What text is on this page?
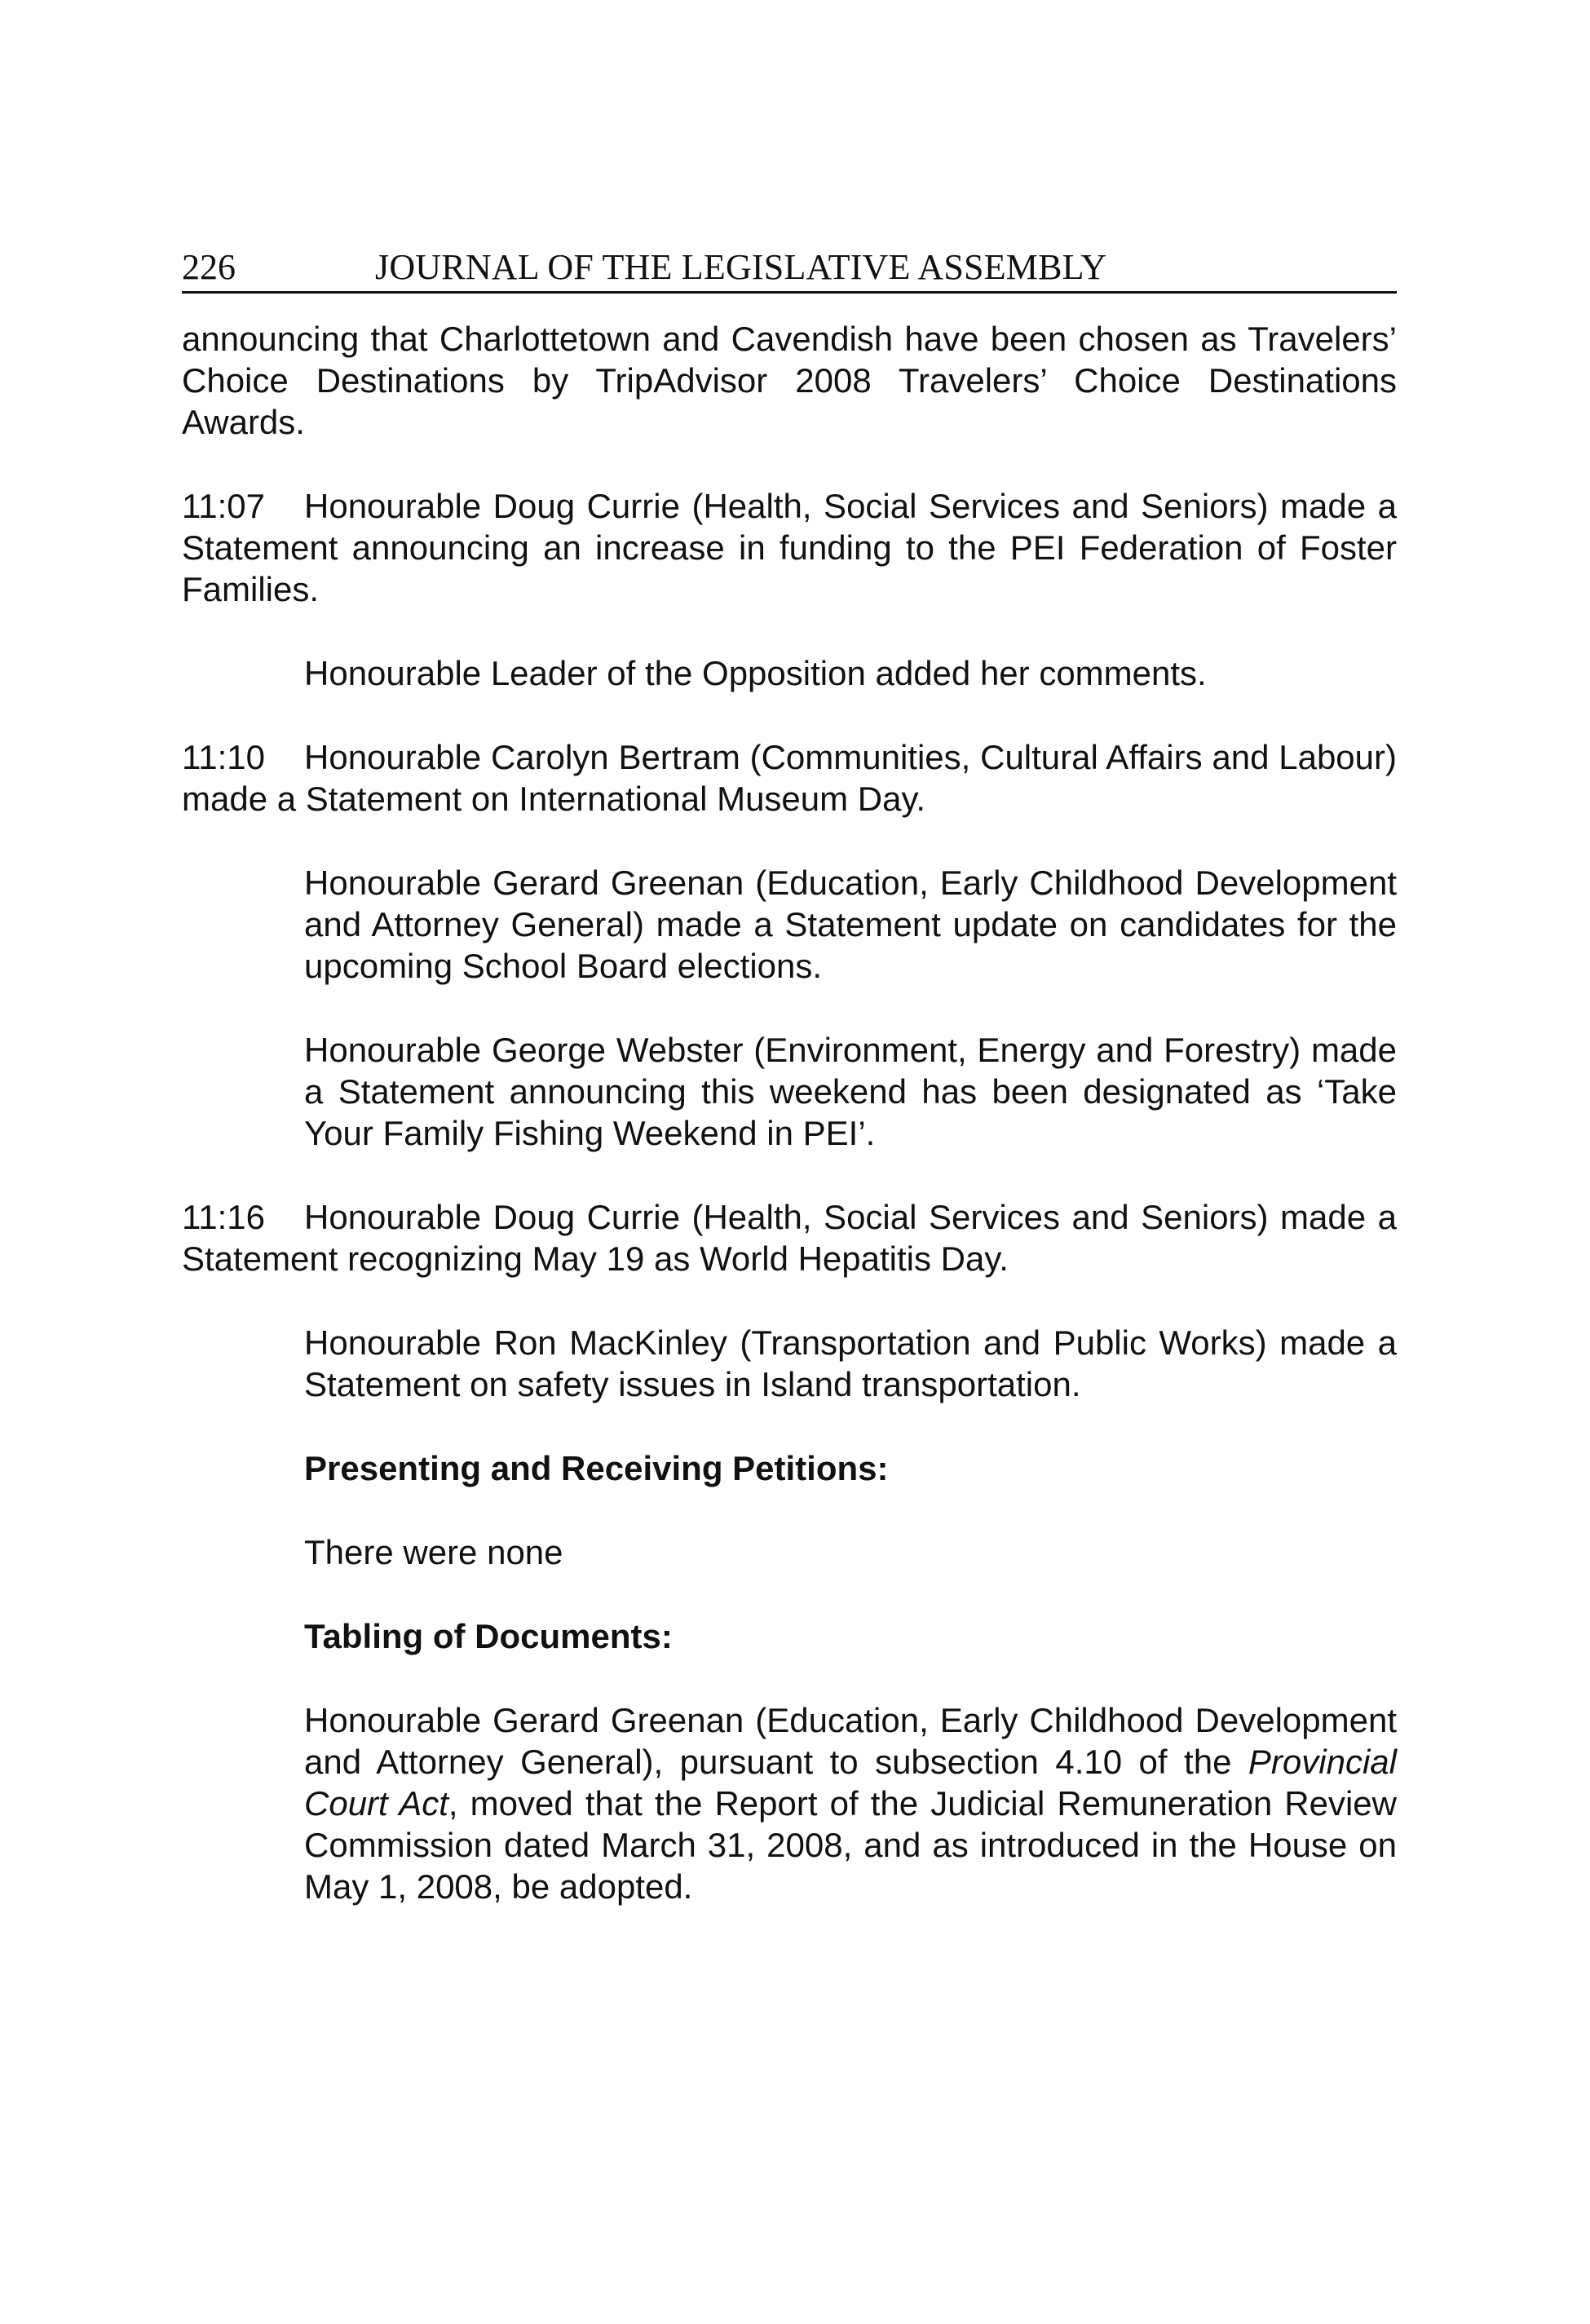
226	JOURNAL OF THE LEGISLATIVE ASSEMBLY

announcing that Charlottetown and Cavendish have been chosen as Travelers’ Choice Destinations by TripAdvisor 2008 Travelers’ Choice Destinations Awards.

11:07 Honourable Doug Currie (Health, Social Services and Seniors) made a Statement announcing an increase in funding to the PEI Federation of Foster Families.

Honourable Leader of the Opposition added her comments.

11:10 Honourable Carolyn Bertram (Communities, Cultural Affairs and Labour) made a Statement on International Museum Day.

Honourable Gerard Greenan (Education, Early Childhood Development and Attorney General) made a Statement update on candidates for the upcoming School Board elections.

Honourable George Webster (Environment, Energy and Forestry) made a Statement announcing this weekend has been designated as ‘Take Your Family Fishing Weekend in PEI’.

11:16 Honourable Doug Currie (Health, Social Services and Seniors) made a Statement recognizing May 19 as World Hepatitis Day.

Honourable Ron MacKinley (Transportation and Public Works) made a Statement on safety issues in Island transportation.

Presenting and Receiving Petitions:

There were none

Tabling of Documents:

Honourable Gerard Greenan (Education, Early Childhood Development and Attorney General), pursuant to subsection 4.10 of the Provincial Court Act, moved that the Report of the Judicial Remuneration Review Commission dated March 31, 2008, and as introduced in the House on May 1, 2008, be adopted.
